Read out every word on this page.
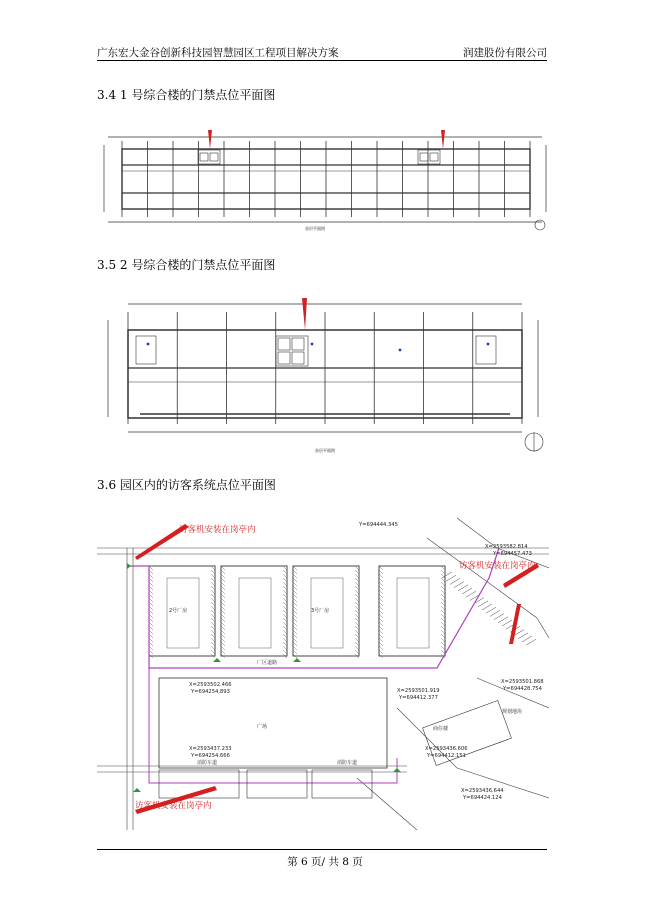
广东宏大金谷创新科技园智慧园区工程项目解决方案	润建股份有限公司
3.4 1 号综合楼的门禁点位平面图
首层平面图
3.5 2 号综合楼的门禁点位平面图
首层平面图
3.6 园区内的访客系统点位平面图
访客机安装在岗亭内
访客机安装在岗亭内
访客机安装在岗亭内
Y=694444.345
X=2593582.814
Y=694457.473
X=2593502.466
Y=694254.893	X=2593501.919
Y=694412.377
X=2593437.233
Y=694254.666
X=2593436.606
Y=694412.151
X=2593436.644
Y=694424.124
X=2593501.868
Y=694428.754
2号厂房	3号厂房
广场
厂区道路
消防车道	消防车道
商住楼
规划地块
第 6 页/ 共 8 页
